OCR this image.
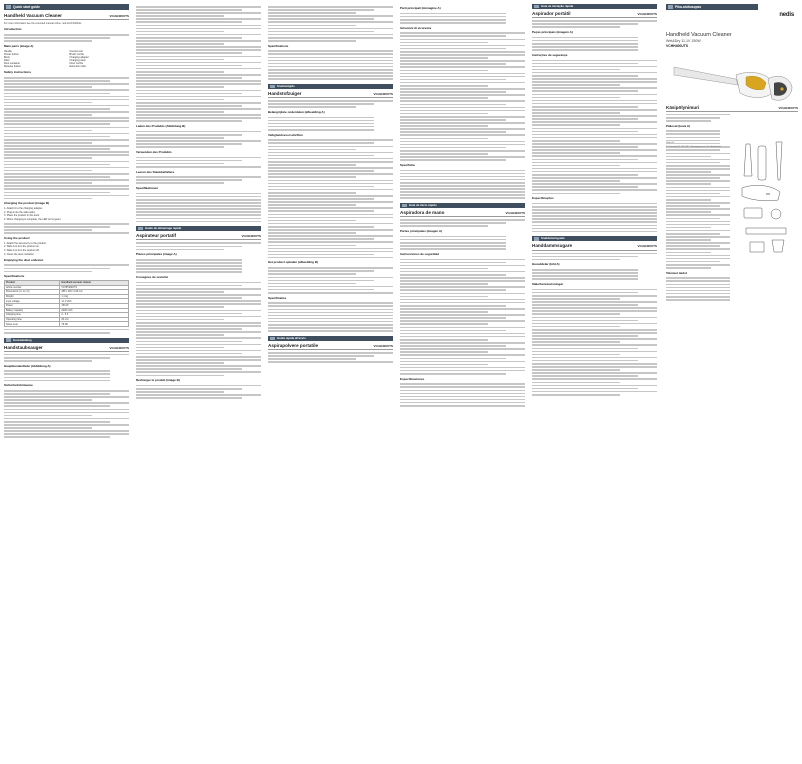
Quick start guide
Handheld Vacuum Cleaner	VCHH400UTS
For more information see the extended manual online: ned.is/vchh400uts
Introduction
Main parts (image A)
Handle	Crevice tool
Power button	Brush nozzle
Body	Charging adapter
Filter	Charging dock
Dust container	Floor nozzle
Release button	Extension tube
Safety instructions
Charging the product (image B)
1. Attach A to the charging adapter.
2. Plug A into the wall outlet.
3. Place the product in the dock.
4. When charging is complete, the LED turns green.
Using the product
1. Attach the accessory to the product.
2. Slide A to turn the product on.
3. Slide A to turn the product off.
4. Clean the dust container.
Emptying the dust collector
Specifications
Product	Handheld vacuum cleaner
Article number	VCHH400UTS
Dimensions (l x w x h)	455 x 115 x 115 mm
Weight	1.1 kg
Input voltage	11.1 VDC
Power	150 W
Battery capacity	2200 mAh
Charging time	4 - 5 h
Operating time	20 min
Noise level	78 dB
Kurzanleitung
Handstaubsauger	VCHH400UTS
Hauptbestandteile (Abbildung A)
Sicherheitshinweise
Laden des Produkts (Abbildung B)
Verwenden des Produkts
Leeren des Staubbehälters
Spezifikationen
Guide de démarrage rapide
Aspirateur portatif	VCHH400UTS
Pièces principales (image A)
Consignes de sécurité
Recharger le produit (image B)
Spécifications
Snelstartgids
Handstofzuiger	VCHH400UTS
Belangrijkste onderdelen (afbeelding A)
Veiligheidsvoorschriften
Het product opladen (afbeelding B)
Specificaties
Guida rapida all'avvio
Aspirapolvere portatile	VCHH400UTS
Parti principali (immagine A)
Istruzioni di sicurezza
Specifiche
Guía de inicio rápido
Aspiradora de mano	VCHH400UTS
Partes principales (imagen A)
Instrucciones de seguridad
Especificaciones
Guia de iniciação rápida
Aspirador portátil	VCHH400UTS
Peças principais (imagem A)
Instruções de segurança
Especificações
Snabbstartsguide
Handdammsugare	VCHH400UTS
Huvuddelar (bild A)
Säkerhetsanvisningar
Pika-aloitusopas
nedis
Handheld Vacuum Cleaner
Wet&Dry 11,1V 150W
VCHH400UTS
Käsipölynimuri	VCHH400UTS
Pääosat (kuva A)
Tekniset tiedot
Nedis BV
De Tweeling 28, 5215 MC 's-Hertogenbosch, The Netherlands
